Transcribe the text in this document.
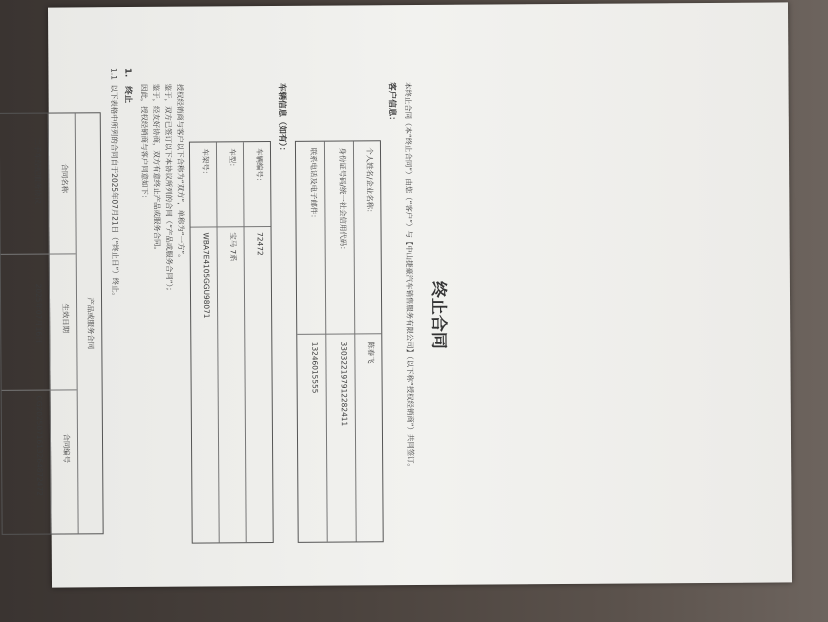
终止合同
本终止合同（本“终止合同”）由您（“客户”）与【中山捷豪汽车销售服务有限公司】（以下称“授权经销商”）共同签订。
客户信息：
个人姓名/企业名称：
陈春飞
身份证号码/统一社会信用代码：
330322197912282411
联系电话及电子邮件：
13246015555
车辆信息（如有）：
车辆编号：
72472
车型：
宝马 7系
车架号：
WBA7E4105GGU98071
授权经销商与客户以下合称为“双方”，单称为“一方”。
鉴于，双方已签订以下本协议所列的合同（“产品或服务合同”）；
鉴于，经友好协商，双方有意终止产品或服务合同。
因此，授权经销商与客户同意如下：
1.   终止
1.1  以下表格中所列的合同自于2025年07月21日（“终止日”）终止。
产品或服务合同
合同名称
生效日期
合同编号
二手车经纪服务协议
2025年07月16日
CG2025071613264872472
